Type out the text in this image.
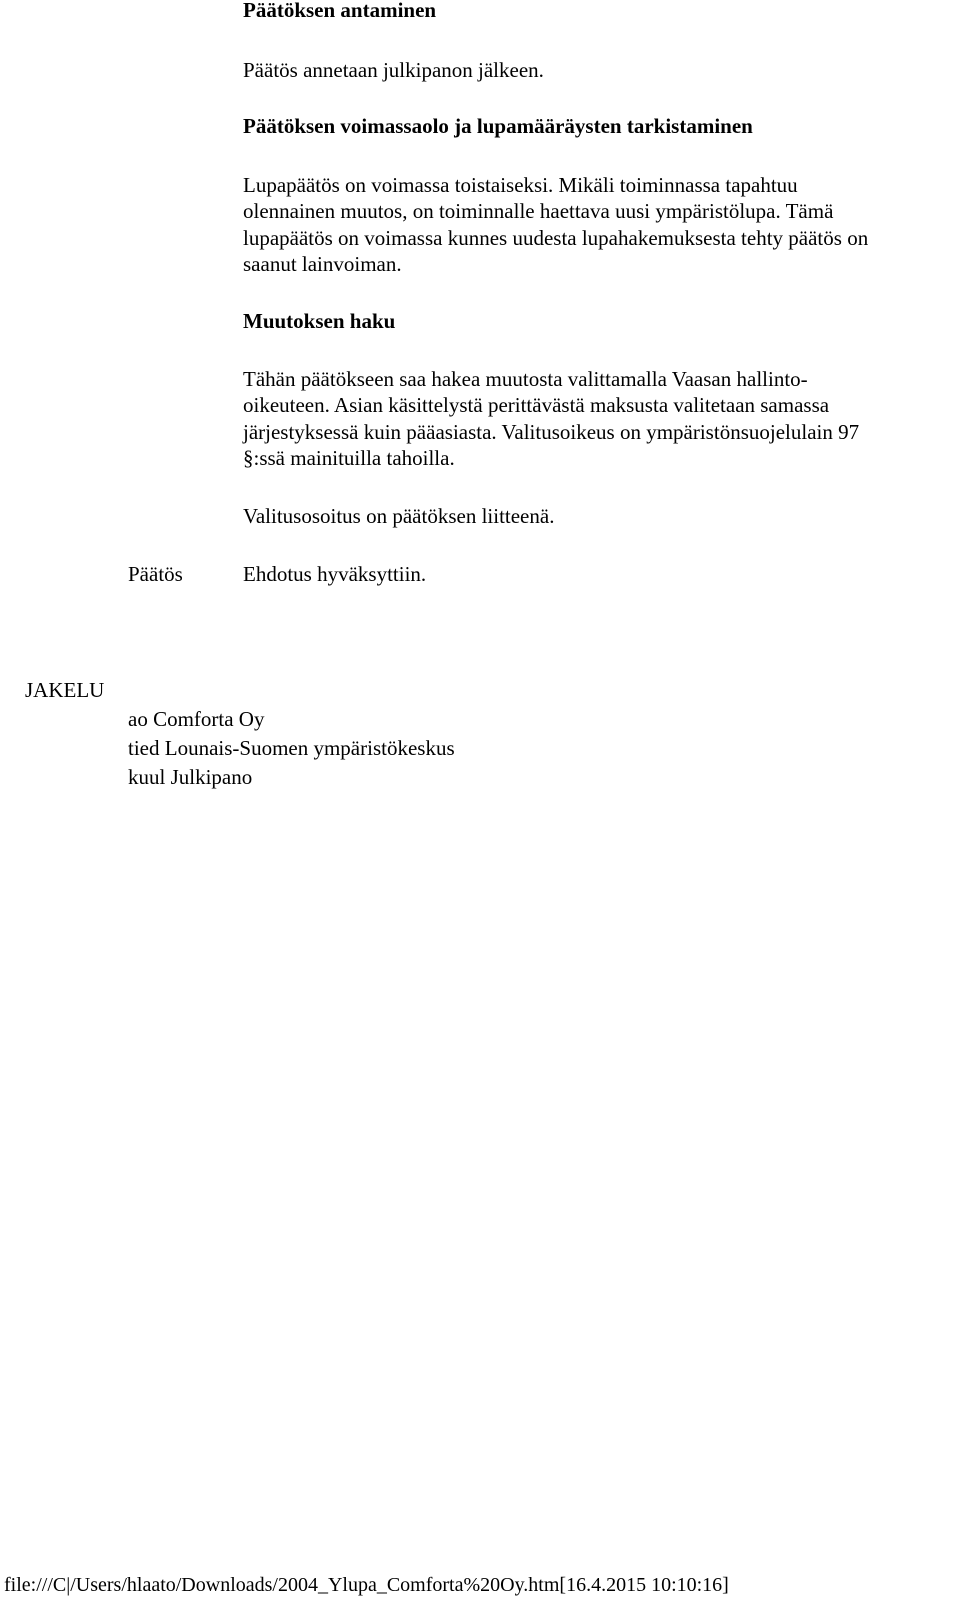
Päätöksen antaminen
Päätös annetaan julkipanon jälkeen.
Päätöksen voimassaolo ja lupamääräysten tarkistaminen
Lupapäätös on voimassa toistaiseksi. Mikäli toiminnassa tapahtuu
olennainen muutos, on toiminnalle haettava uusi ympäristölupa. Tämä
lupapäätös on voimassa kunnes uudesta lupahakemuksesta tehty päätös on
saanut lainvoiman.
Muutoksen haku
Tähän päätökseen saa hakea muutosta valittamalla Vaasan hallinto-
oikeuteen. Asian käsittelystä perittävästä maksusta valitetaan samassa
järjestyksessä kuin pääasiasta. Valitusoikeus on ympäristönsuojelulain 97
§:ssä mainituilla tahoilla.
Valitusosoitus on päätöksen liitteenä.
Päätös	Ehdotus hyväksyttiin.
JAKELU
ao Comforta Oy
tied Lounais-Suomen ympäristökeskus
kuul Julkipano
file:///C|/Users/hlaato/Downloads/2004_Ylupa_Comforta%20Oy.htm[16.4.2015 10:10:16]
